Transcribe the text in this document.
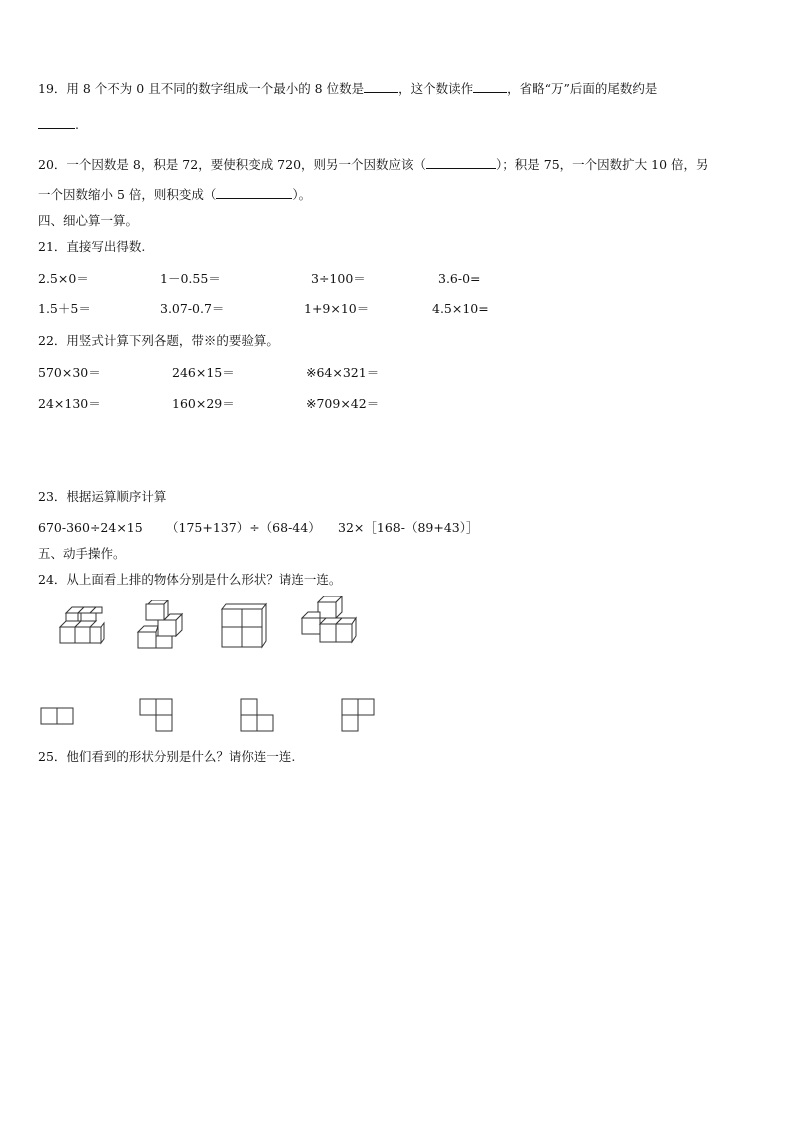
19．用 8 个不为 0 且不同的数字组成一个最小的 8 位数是	，这个数读作	，省略“万”后面的尾数约是
.
20．一个因数是 8，积是 72，要使积变成 720，则另一个因数应该（	）；积是 75，一个因数扩大 10 倍，另
一个因数缩小 5 倍，则积变成（	）。
四、细心算一算。
21．直接写出得数.
2.5×0＝	1－0.55＝	3÷100＝	3.6-0=
1.5＋5＝	3.07-0.7＝	1+9×10＝	4.5×10=
22．用竖式计算下列各题，带※的要验算。
570×30＝	246×15＝	※64×321＝
24×130＝	160×29＝	※709×42＝
23．根据运算顺序计算
670-360÷24×15 （175+137）÷（68-44） 32×［168-（89+43）］
五、动手操作。
24．从上面看上排的物体分别是什么形状？请连一连。
25．他们看到的形状分别是什么？请你连一连.
